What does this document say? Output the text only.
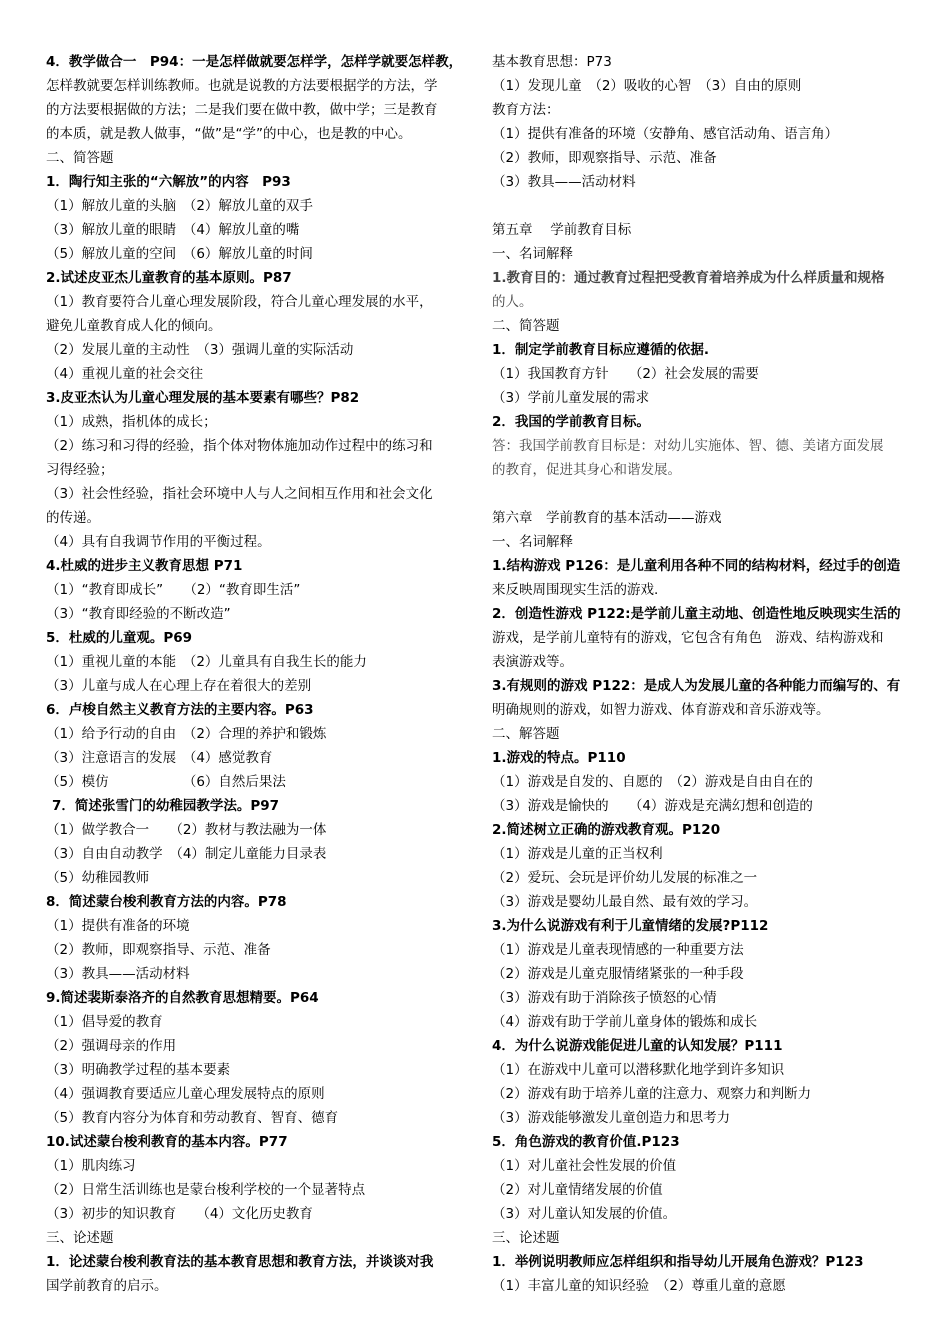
4．教学做合一　P94：一是怎样做就要怎样学，怎样学就要怎样教，
怎样教就要怎样训练教师。也就是说教的方法要根据学的方法，学
的方法要根据做的方法；二是我们要在做中教，做中学；三是教育
的本质，就是教人做事，“做”是“学”的中心，也是教的中心。
二、简答题
1．陶行知主张的“六解放”的内容　P93
（1）解放儿童的头脑　（2）解放儿童的双手
（3）解放儿童的眼睛　（4）解放儿童的嘴
（5）解放儿童的空间　（6）解放儿童的时间
2.试述皮亚杰儿童教育的基本原则。P87
（1）教育要符合儿童心理发展阶段，符合儿童心理发展的水平，
避免儿童教育成人化的倾向。
（2）发展儿童的主动性　（3）强调儿童的实际活动
（4）重视儿童的社会交往
3.皮亚杰认为儿童心理发展的基本要素有哪些？P82
（1）成熟，指机体的成长；
（2）练习和习得的经验，指个体对物体施加动作过程中的练习和
习得经验；
（3）社会性经验，指社会环境中人与人之间相互作用和社会文化
的传递。
（4）具有自我调节作用的平衡过程。
4.杜威的进步主义教育思想 P71
（1）“教育即成长”　　（2）“教育即生活”
（3）“教育即经验的不断改造”
5．杜威的儿童观。P69
（1）重视儿童的本能　（2）儿童具有自我生长的能力
（3）儿童与成人在心理上存在着很大的差别
6．卢梭自然主义教育方法的主要内容。P63
（1）给予行动的自由　（2）合理的养护和锻炼
（3）注意语言的发展　（4）感觉教育
（5）模仿　　　　　　（6）自然后果法
7．简述张雪门的幼稚园教学法。P97
（1）做学教合一　　（2）教材与教法融为一体
（3）自由自动教学　（4）制定儿童能力目录表
（5）幼稚园教师
8．简述蒙台梭利教育方法的内容。P78
（1）提供有准备的环境
（2）教师，即观察指导、示范、准备
（3）教具——活动材料
9.简述裴斯泰洛齐的自然教育思想精要。P64
（1）倡导爱的教育
（2）强调母亲的作用
（3）明确教学过程的基本要素
（4）强调教育要适应儿童心理发展特点的原则
（5）教育内容分为体育和劳动教育、智育、德育
10.试述蒙台梭利教育的基本内容。P77
（1）肌肉练习
（2）日常生活训练也是蒙台梭利学校的一个显著特点
（3）初步的知识教育　　（4）文化历史教育
三、论述题
1．论述蒙台梭利教育法的基本教育思想和教育方法，并谈谈对我
国学前教育的启示。
基本教育思想：P73
（1）发现儿童　（2）吸收的心智　（3）自由的原则
教育方法：
（1）提供有准备的环境（安静角、感官活动角、语言角）
（2）教师，即观察指导、示范、准备
（3）教具——活动材料
第五章　 学前教育目标
一、名词解释
1.教育目的：通过教育过程把受教育着培养成为什么样质量和规格
的人。
二、简答题
1．制定学前教育目标应遵循的依据.
（1）我国教育方针　　（2）社会发展的需要
（3）学前儿童发展的需求
2．我国的学前教育目标。
答：我国学前教育目标是：对幼儿实施体、智、德、美诸方面发展
的教育，促进其身心和谐发展。
第六章　学前教育的基本活动——游戏
一、名词解释
1.结构游戏 P126：是儿童利用各种不同的结构材料，经过手的创造
来反映周围现实生活的游戏.
2．创造性游戏 P122:是学前儿童主动地、创造性地反映现实生活的
游戏，是学前儿童特有的游戏，它包含有角色　游戏、结构游戏和
表演游戏等。
3.有规则的游戏 P122：是成人为发展儿童的各种能力而编写的、有
明确规则的游戏，如智力游戏、体育游戏和音乐游戏等。
二、解答题
1.游戏的特点。P110
（1）游戏是自发的、自愿的　（2）游戏是自由自在的
（3）游戏是愉快的　　（4）游戏是充满幻想和创造的
2.简述树立正确的游戏教育观。P120
（1）游戏是儿童的正当权利
（2）爱玩、会玩是评价幼儿发展的标准之一
（3）游戏是婴幼儿最自然、最有效的学习。
3.为什么说游戏有利于儿童情绪的发展?P112
（1）游戏是儿童表现情感的一种重要方法
（2）游戏是儿童克服情绪紧张的一种手段
（3）游戏有助于消除孩子愤怒的心情
（4）游戏有助于学前儿童身体的锻炼和成长
4．为什么说游戏能促进儿童的认知发展？P111
（1）在游戏中儿童可以潜移默化地学到许多知识
（2）游戏有助于培养儿童的注意力、观察力和判断力
（3）游戏能够激发儿童创造力和思考力
5．角色游戏的教育价值.P123
（1）对儿童社会性发展的价值
（2）对儿童情绪发展的价值
（3）对儿童认知发展的价值。
三、论述题
1．举例说明教师应怎样组织和指导幼儿开展角色游戏？P123
（1）丰富儿童的知识经验　（2）尊重儿童的意愿
